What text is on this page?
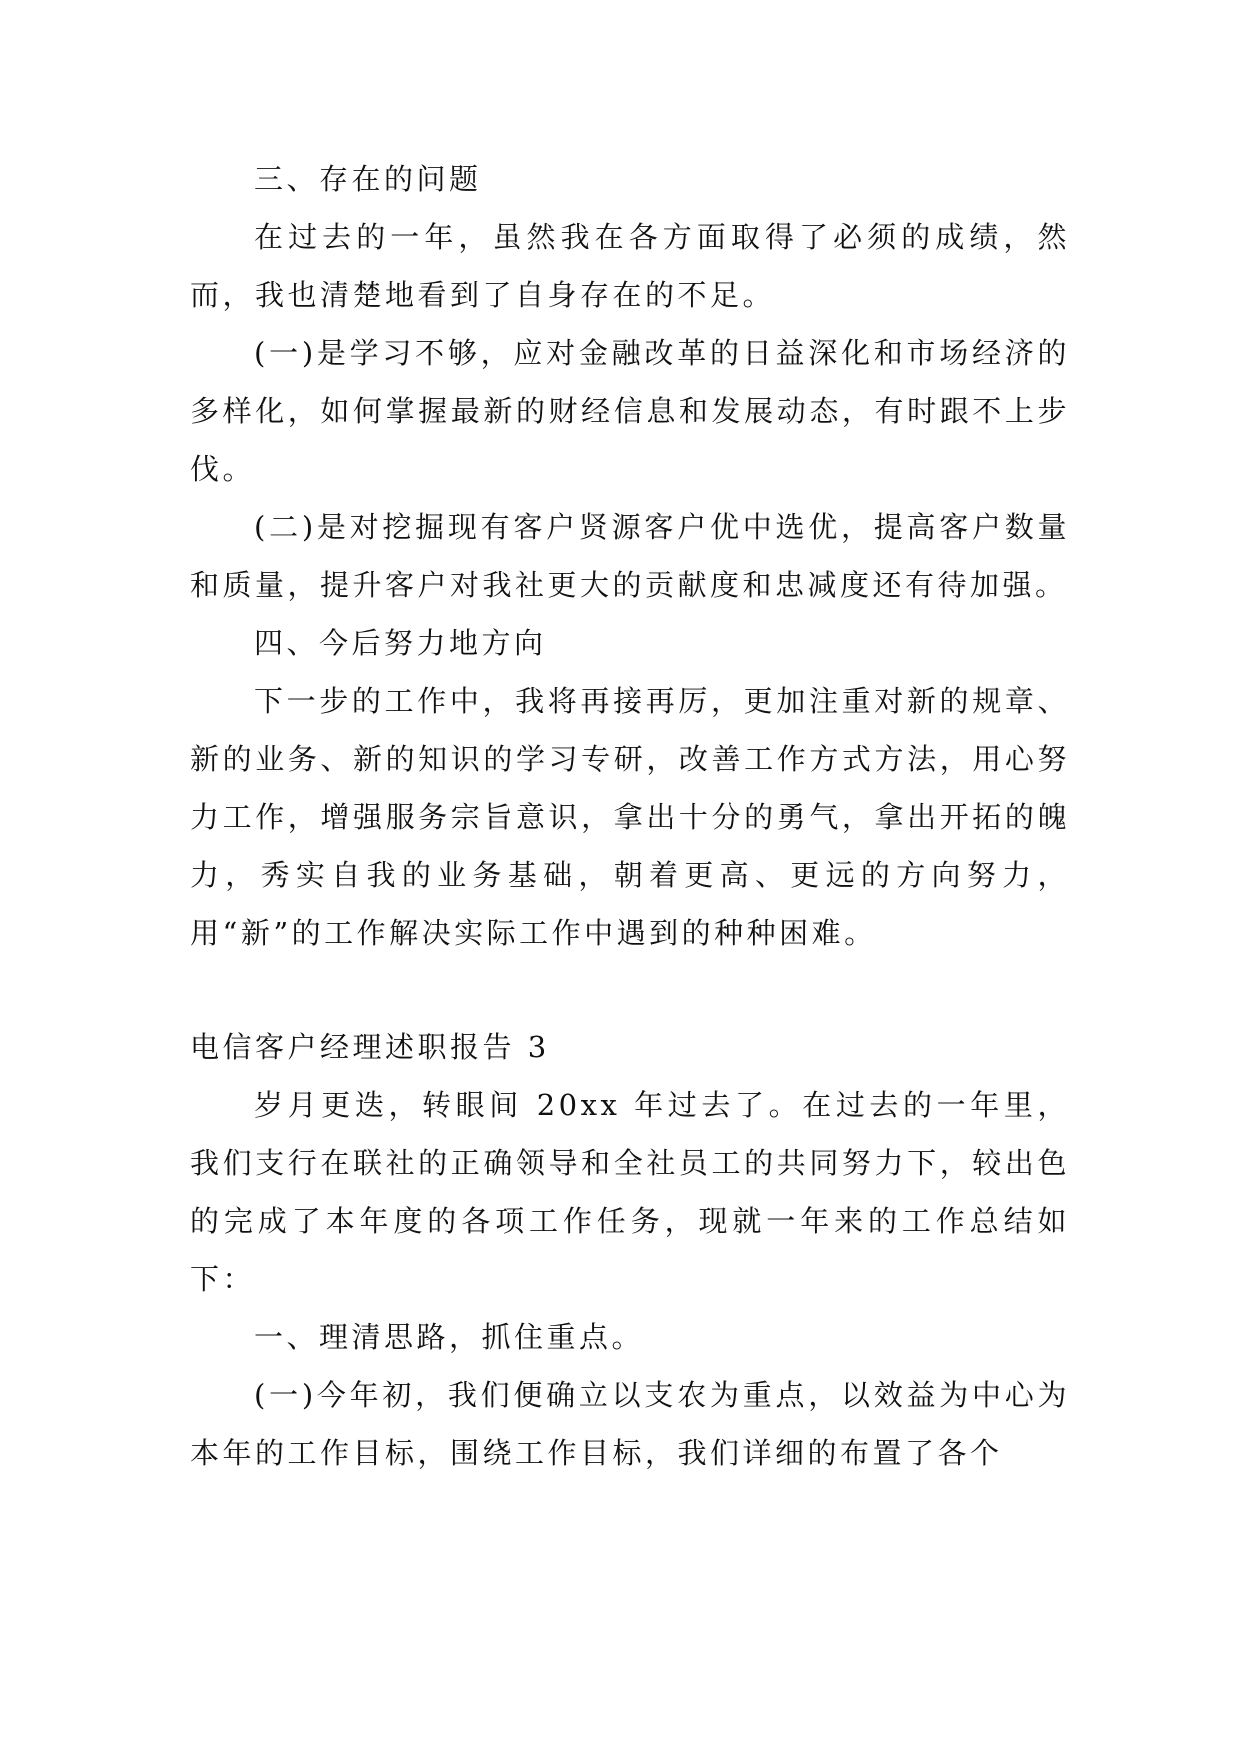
三、存在的问题

在过去的一年，虽然我在各方面取得了必须的成绩，然而，我也清楚地看到了自身存在的不足。

(一)是学习不够，应对金融改革的日益深化和市场经济的多样化，如何掌握最新的财经信息和发展动态，有时跟不上步伐。

(二)是对挖掘现有客户贤源客户优中选优，提高客户数量和质量，提升客户对我社更大的贡献度和忠减度还有待加强。

四、今后努力地方向

下一步的工作中，我将再接再厉，更加注重对新的规章、新的业务、新的知识的学习专研，改善工作方式方法，用心努力工作，增强服务宗旨意识，拿出十分的勇气，拿出开拓的魄力，秀实自我的业务基础，朝着更高、更远的方向努力，用“新”的工作解决实际工作中遇到的种种困难。

电信客户经理述职报告 3

岁月更迭，转眼间 20xx 年过去了。在过去的一年里，我们支行在联社的正确领导和全社员工的共同努力下，较出色的完成了本年度的各项工作任务，现就一年来的工作总结如下：

一、理清思路，抓住重点。

(一)今年初，我们便确立以支农为重点，以效益为中心为本年的工作目标，围绕工作目标，我们详细的布置了各个
